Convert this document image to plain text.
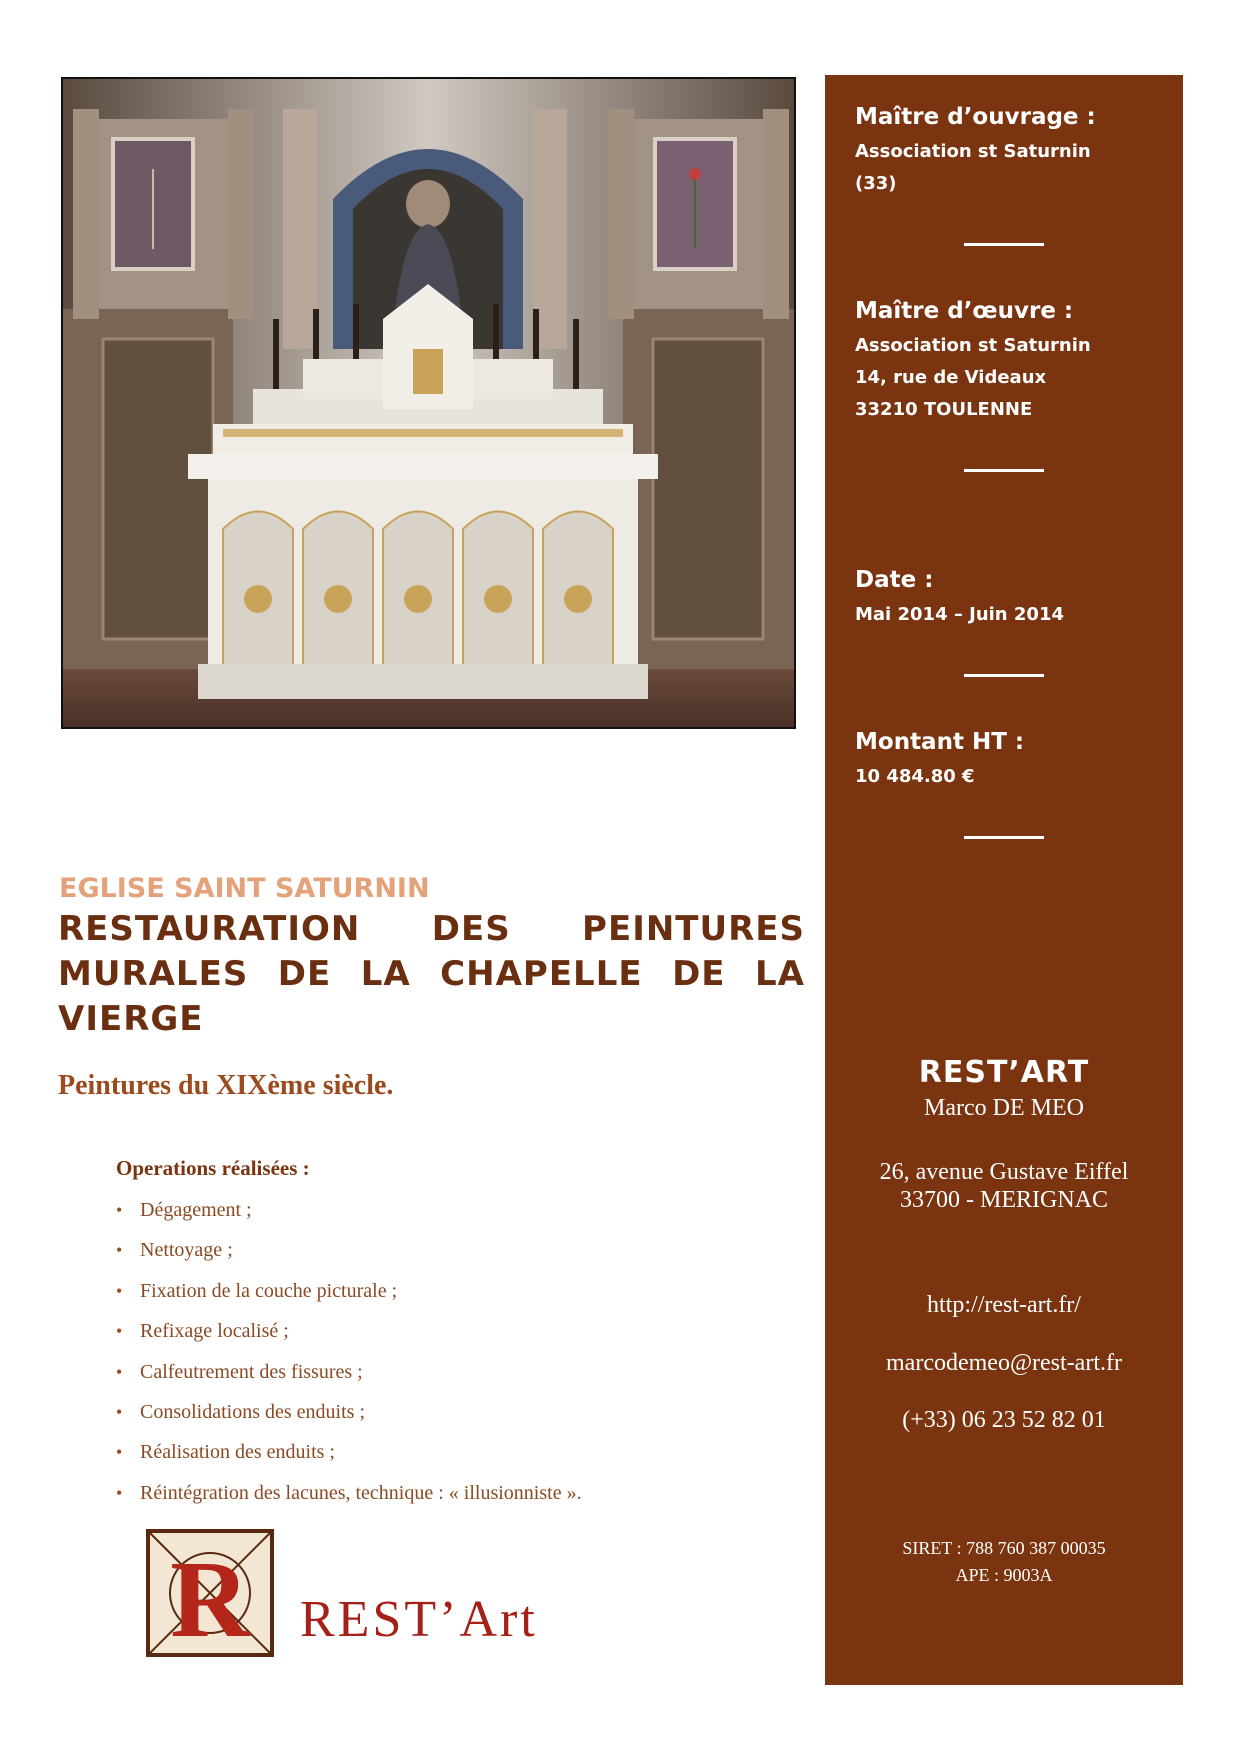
Maître d’ouvrage :
Association st Saturnin
(33)
Maître d’œuvre :
Association st Saturnin
14, rue de Videaux
33210 TOULENNE
Date :
Mai 2014 – Juin 2014
Montant HT :
10 484.80 €
REST’ART
Marco DE MEO
26, avenue Gustave Eiffel
33700 - MERIGNAC
http://rest-art.fr/
marcodemeo@rest-art.fr
(+33) 06 23 52 82 01
SIRET : 788 760 387 00035
APE : 9003A
EGLISE SAINT SATURNIN
RESTAURATION DES PEINTURES MURALES DE LA CHAPELLE DE LA VIERGE
Peintures du XIXème siècle.
Operations réalisées :
• Dégagement ;
• Nettoyage ;
• Fixation de la couche picturale ;
• Refixage localisé ;
• Calfeutrement des fissures ;
• Consolidations des enduits ;
• Réalisation des enduits ;
• Réintégration des lacunes, technique : « illusionniste ».
R REST’Art
